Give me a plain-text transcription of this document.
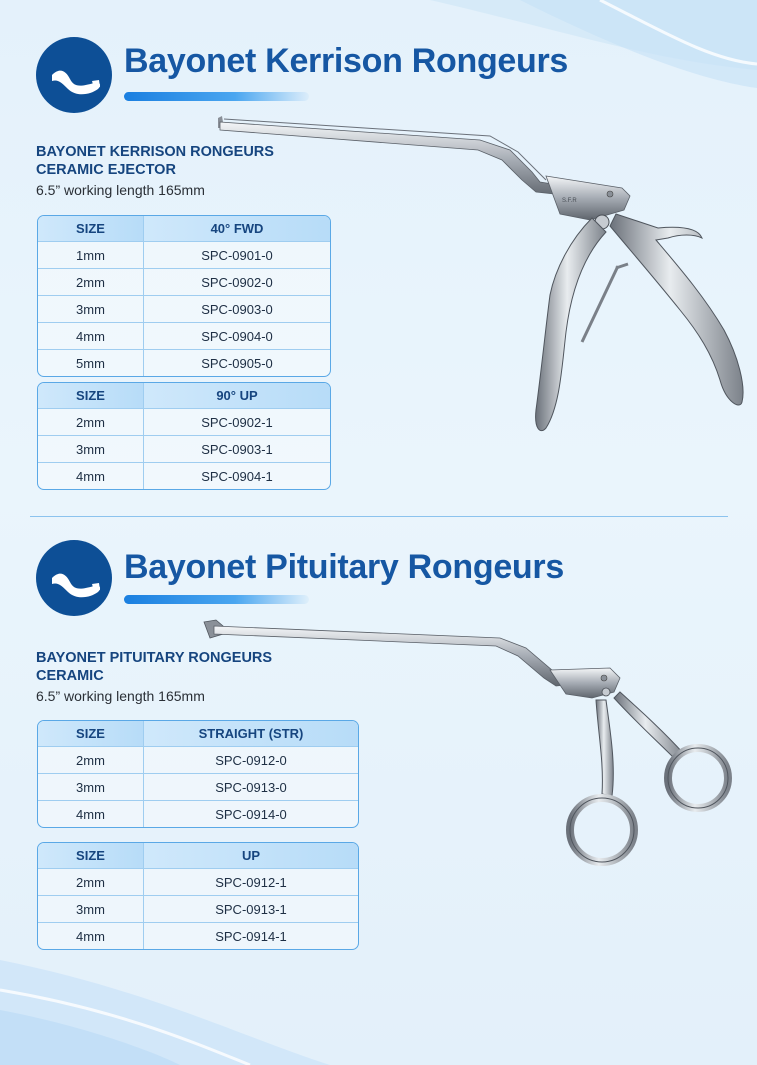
Bayonet Kerrison Rongeurs
BAYONET KERRISON RONGEURS
CERAMIC EJECTOR
6.5” working length 165mm
SIZE	40° FWD
1mm	SPC-0901-0
2mm	SPC-0902-0
3mm	SPC-0903-0
4mm	SPC-0904-0
5mm	SPC-0905-0
SIZE	90° UP
2mm	SPC-0902-1
3mm	SPC-0903-1
4mm	SPC-0904-1
S.F.R
Bayonet Pituitary Rongeurs
BAYONET PITUITARY RONGEURS
CERAMIC
6.5” working length 165mm
SIZE	STRAIGHT (STR)
2mm	SPC-0912-0
3mm	SPC-0913-0
4mm	SPC-0914-0
SIZE	UP
2mm	SPC-0912-1
3mm	SPC-0913-1
4mm	SPC-0914-1
